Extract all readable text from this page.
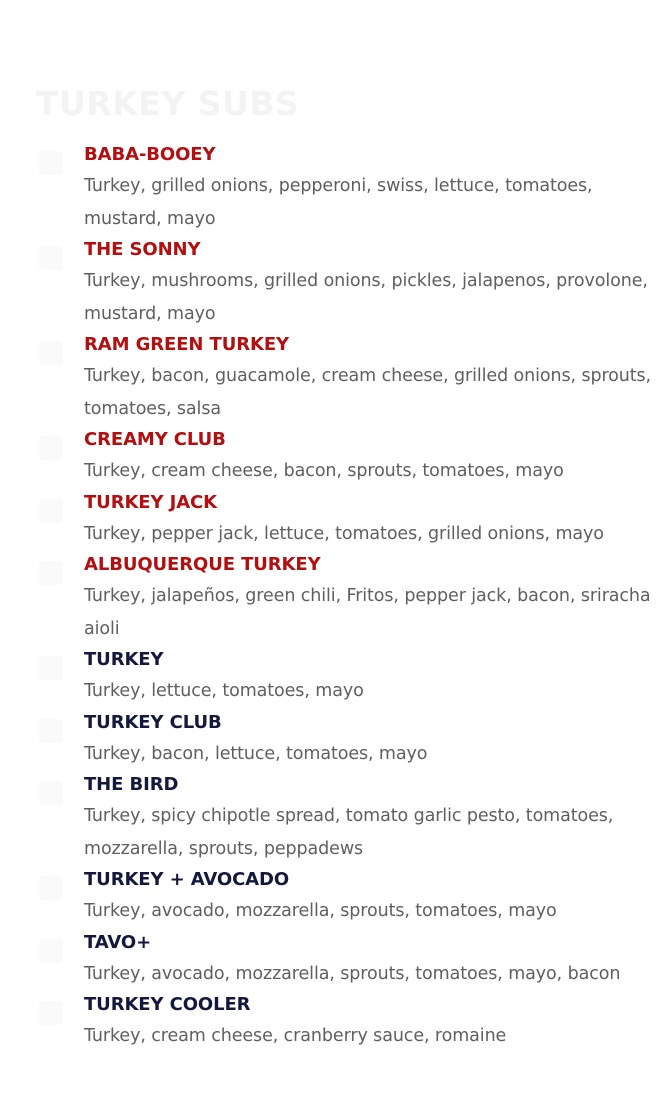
TURKEY SUBS
BABA-BOOEY
Turkey, grilled onions, pepperoni, swiss, lettuce, tomatoes, mustard, mayo
THE SONNY
Turkey, mushrooms, grilled onions, pickles, jalapenos, provolone, mustard, mayo
RAM GREEN TURKEY
Turkey, bacon, guacamole, cream cheese, grilled onions, sprouts, tomatoes, salsa
CREAMY CLUB
Turkey, cream cheese, bacon, sprouts, tomatoes, mayo
TURKEY JACK
Turkey, pepper jack, lettuce, tomatoes, grilled onions, mayo
ALBUQUERQUE TURKEY
Turkey, jalapeños, green chili, Fritos, pepper jack, bacon, sriracha aioli
TURKEY
Turkey, lettuce, tomatoes, mayo
TURKEY CLUB
Turkey, bacon, lettuce, tomatoes, mayo
THE BIRD
Turkey, spicy chipotle spread, tomato garlic pesto, tomatoes, mozzarella, sprouts, peppadews
TURKEY + AVOCADO
Turkey, avocado, mozzarella, sprouts, tomatoes, mayo
TAVO+
Turkey, avocado, mozzarella, sprouts, tomatoes, mayo, bacon
TURKEY COOLER
Turkey, cream cheese, cranberry sauce, romaine
